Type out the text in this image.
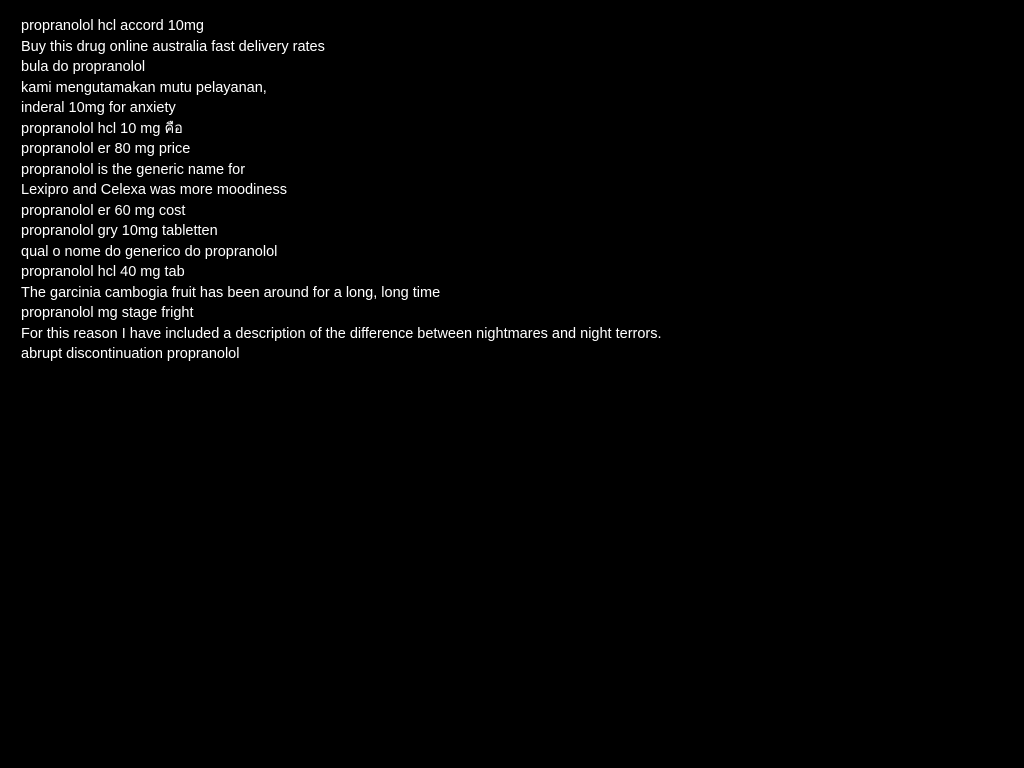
propranolol hcl accord 10mg
Buy this drug online australia fast delivery rates
bula do propranolol
kami mengutamakan mutu pelayanan,
inderal 10mg for anxiety
propranolol hcl 10 mg คือ
propranolol er 80 mg price
propranolol is the generic name for
Lexipro and Celexa was more moodiness
propranolol er 60 mg cost
propranolol gry 10mg tabletten
qual o nome do generico do propranolol
propranolol hcl 40 mg tab
The garcinia cambogia fruit has been around for a long, long time
propranolol mg stage fright
For this reason I have included a description of the difference between nightmares and night terrors.
abrupt discontinuation propranolol
